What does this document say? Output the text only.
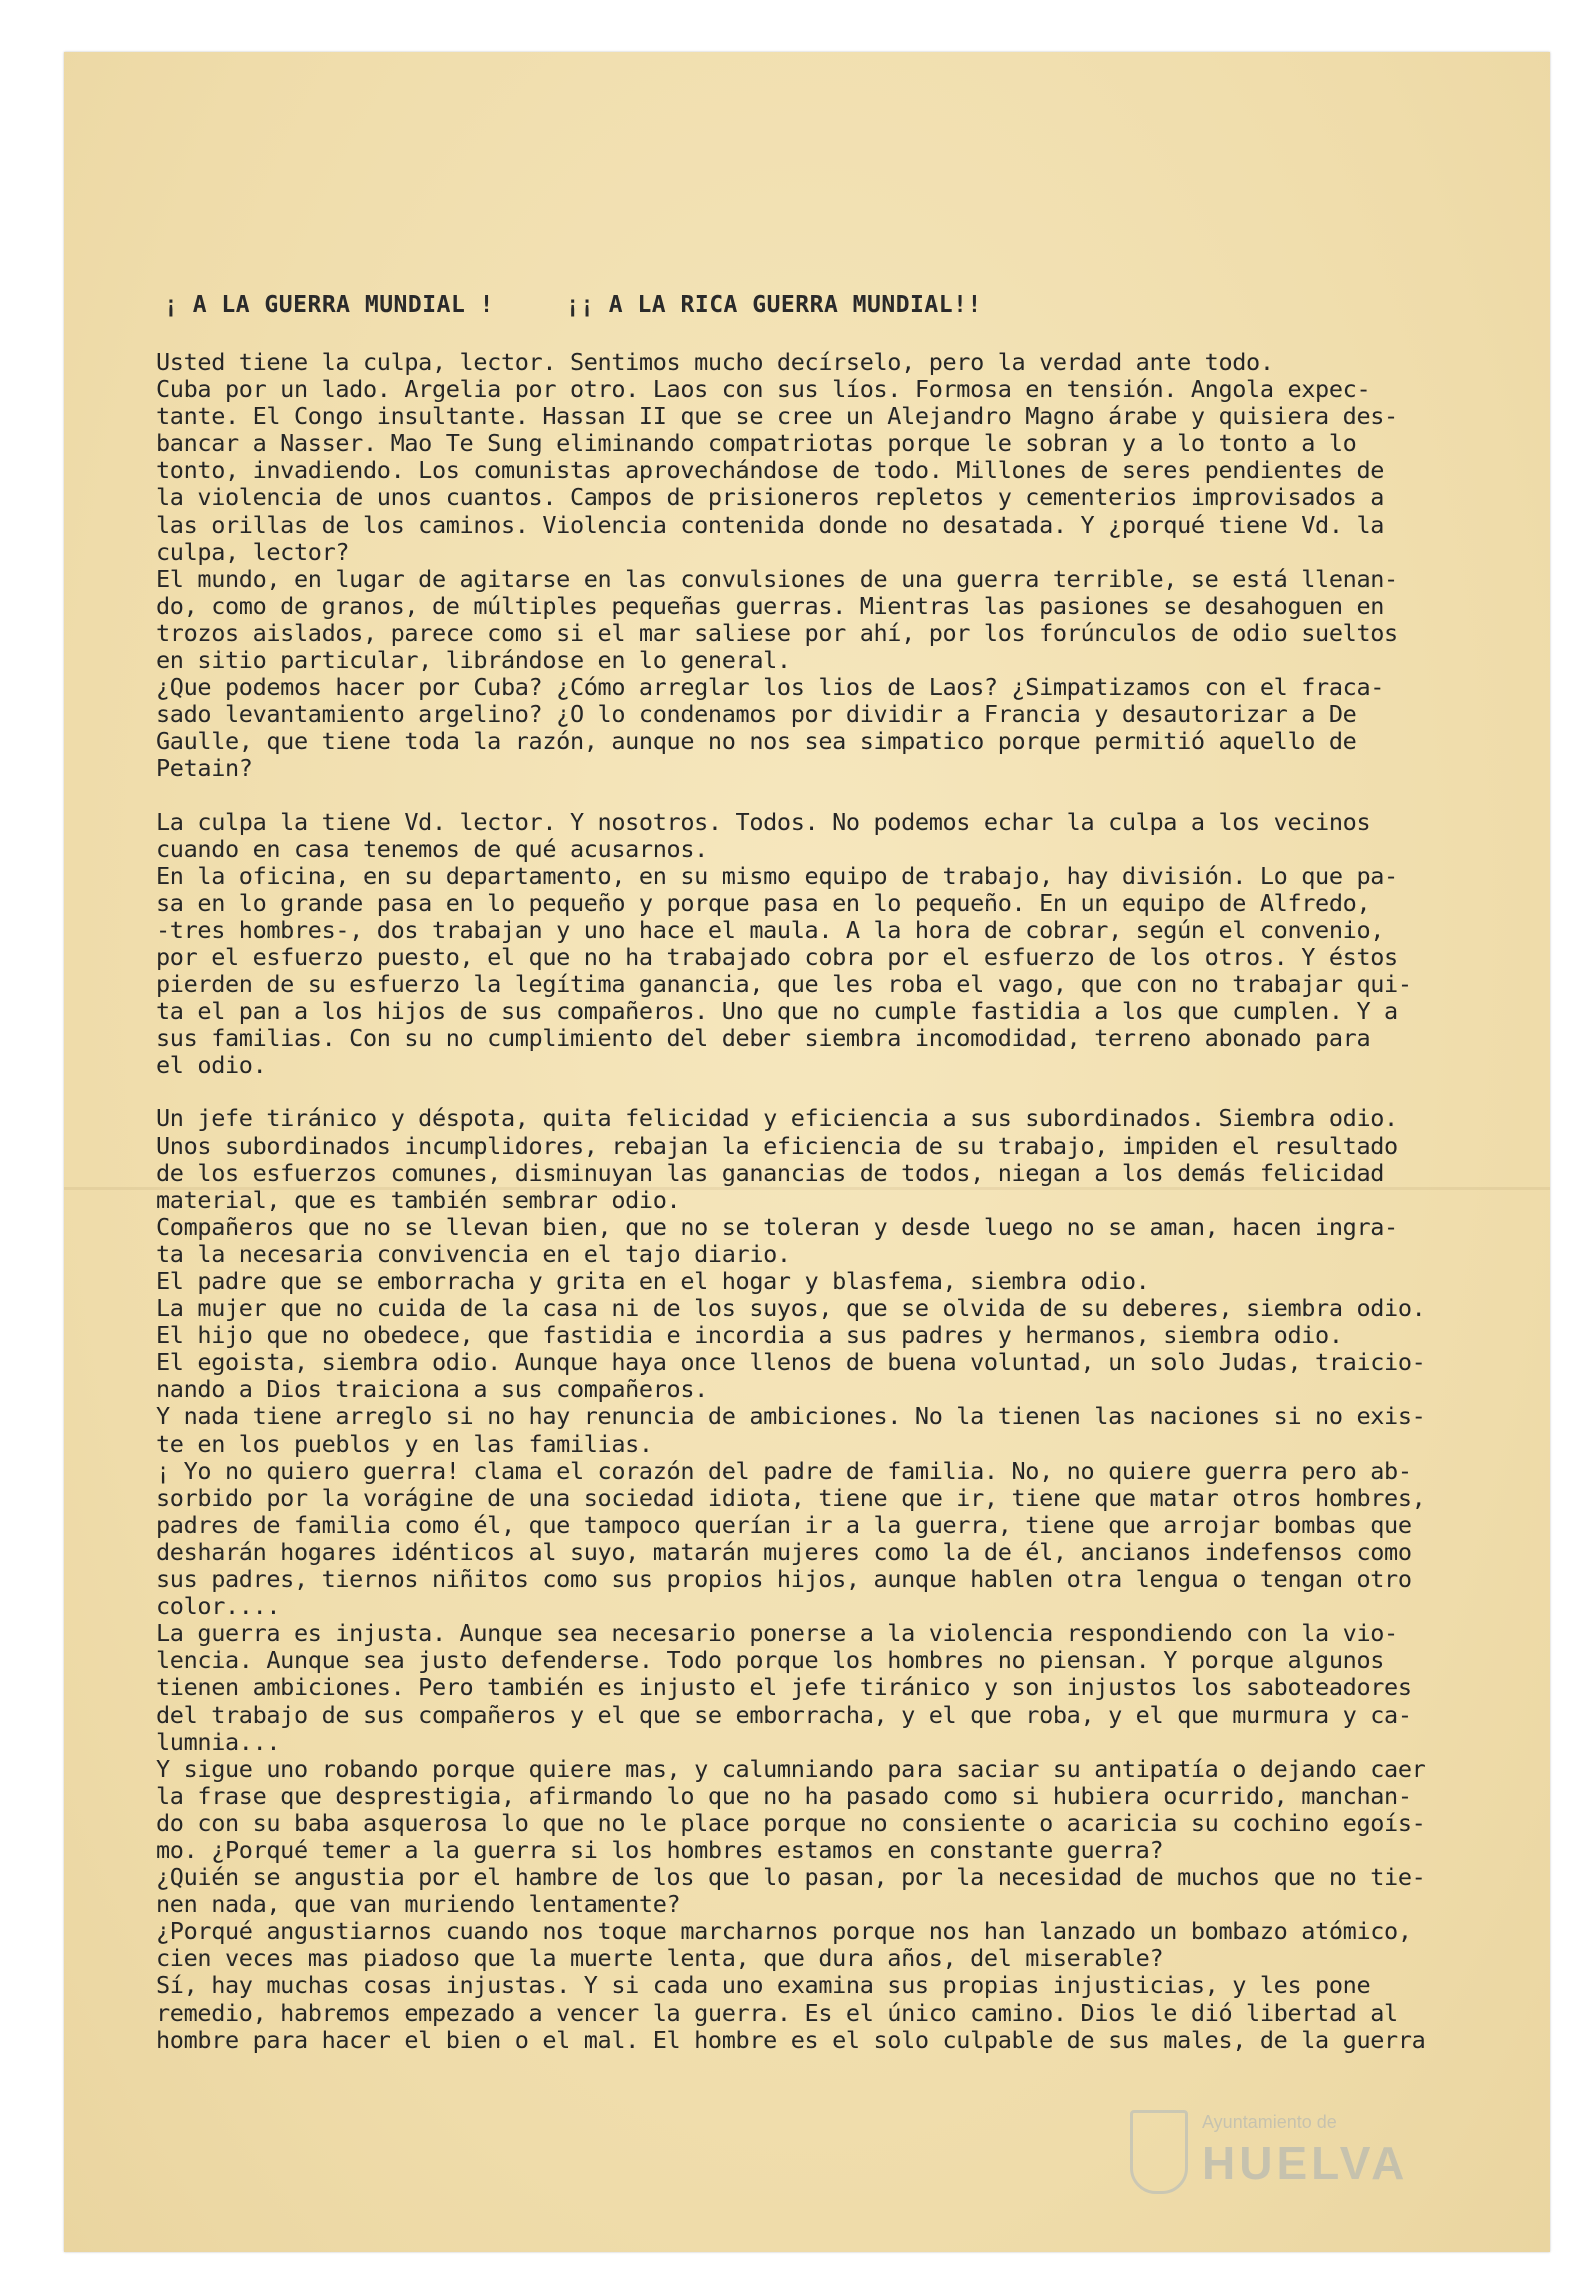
¡ A LA GUERRA MUNDIAL !     ¡¡ A LA RICA GUERRA MUNDIAL!!

Usted tiene la culpa, lector. Sentimos mucho decírselo, pero la verdad ante todo.
Cuba por un lado. Argelia por otro. Laos con sus líos. Formosa en tensión. Angola expec-
tante. El Congo insultante. Hassan II que se cree un Alejandro Magno árabe y quisiera des-
bancar a Nasser. Mao Te Sung eliminando compatriotas porque le sobran y a lo tonto a lo
tonto, invadiendo. Los comunistas aprovechándose de todo. Millones de seres pendientes de
la violencia de unos cuantos. Campos de prisioneros repletos y cementerios improvisados a
las orillas de los caminos. Violencia contenida donde no desatada. Y ¿porqué tiene Vd. la
culpa, lector?

El mundo, en lugar de agitarse en las convulsiones de una guerra terrible, se está llenan-
do, como de granos, de múltiples pequeñas guerras. Mientras las pasiones se desahoguen en
trozos aislados, parece como si el mar saliese por ahí, por los forúnculos de odio sueltos
en sitio particular, librándose en lo general.

¿Que podemos hacer por Cuba? ¿Cómo arreglar los lios de Laos? ¿Simpatizamos con el fraca-
sado levantamiento argelino? ¿O lo condenamos por dividir a Francia y desautorizar a De
Gaulle, que tiene toda la razón, aunque no nos sea simpatico porque permitió aquello de
Petain?

La culpa la tiene Vd. lector. Y nosotros. Todos. No podemos echar la culpa a los vecinos
cuando en casa tenemos de qué acusarnos.

En la oficina, en su departamento, en su mismo equipo de trabajo, hay división. Lo que pa-
sa en lo grande pasa en lo pequeño y porque pasa en lo pequeño. En un equipo de Alfredo,
-tres hombres-, dos trabajan y uno hace el maula. A la hora de cobrar, según el convenio,
por el esfuerzo puesto, el que no ha trabajado cobra por el esfuerzo de los otros. Y éstos
pierden de su esfuerzo la legítima ganancia, que les roba el vago, que con no trabajar qui-
ta el pan a los hijos de sus compañeros. Uno que no cumple fastidia a los que cumplen. Y a
sus familias. Con su no cumplimiento del deber siembra incomodidad, terreno abonado para
el odio.

Un jefe tiránico y déspota, quita felicidad y eficiencia a sus subordinados. Siembra odio.
Unos subordinados incumplidores, rebajan la eficiencia de su trabajo, impiden el resultado
de los esfuerzos comunes, disminuyan las ganancias de todos, niegan a los demás felicidad
material, que es también sembrar odio.

Compañeros que no se llevan bien, que no se toleran y desde luego no se aman, hacen ingra-
ta la necesaria convivencia en el tajo diario.

El padre que se emborracha y grita en el hogar y blasfema, siembra odio.

La mujer que no cuida de la casa ni de los suyos, que se olvida de su deberes, siembra odio.

El hijo que no obedece, que fastidia e incordia a sus padres y hermanos, siembra odio.

El egoista, siembra odio. Aunque haya once llenos de buena voluntad, un solo Judas, traicio-
nando a Dios traiciona a sus compañeros.

Y nada tiene arreglo si no hay renuncia de ambiciones. No la tienen las naciones si no exis-
te en los pueblos y en las familias.

¡ Yo no quiero guerra! clama el corazón del padre de familia. No, no quiere guerra pero ab-
sorbido por la vorágine de una sociedad idiota, tiene que ir, tiene que matar otros hombres,
padres de familia como él, que tampoco querían ir a la guerra, tiene que arrojar bombas que
desharán hogares idénticos al suyo, matarán mujeres como la de él, ancianos indefensos como
sus padres, tiernos niñitos como sus propios hijos, aunque hablen otra lengua o tengan otro
color....

La guerra es injusta. Aunque sea necesario ponerse a la violencia respondiendo con la vio-
lencia. Aunque sea justo defenderse. Todo porque los hombres no piensan. Y porque algunos
tienen ambiciones. Pero también es injusto el jefe tiránico y son injustos los saboteadores
del trabajo de sus compañeros y el que se emborracha, y el que roba, y el que murmura y ca-
lumnia...

Y sigue uno robando porque quiere mas, y calumniando para saciar su antipatía o dejando caer
la frase que desprestigia, afirmando lo que no ha pasado como si hubiera ocurrido, manchan-
do con su baba asquerosa lo que no le place porque no consiente o acaricia su cochino egoís-
mo. ¿Porqué temer a la guerra si los hombres estamos en constante guerra?

¿Quién se angustia por el hambre de los que lo pasan, por la necesidad de muchos que no tie-
nen nada, que van muriendo lentamente?

¿Porqué angustiarnos cuando nos toque marcharnos porque nos han lanzado un bombazo atómico,
cien veces mas piadoso que la muerte lenta, que dura años, del miserable?

Sí, hay muchas cosas injustas. Y si cada uno examina sus propias injusticias, y les pone
remedio, habremos empezado a vencer la guerra. Es el único camino. Dios le dió libertad al
hombre para hacer el bien o el mal. El hombre es el solo culpable de sus males, de la guerra

Ayuntamiento de
HUELVA
